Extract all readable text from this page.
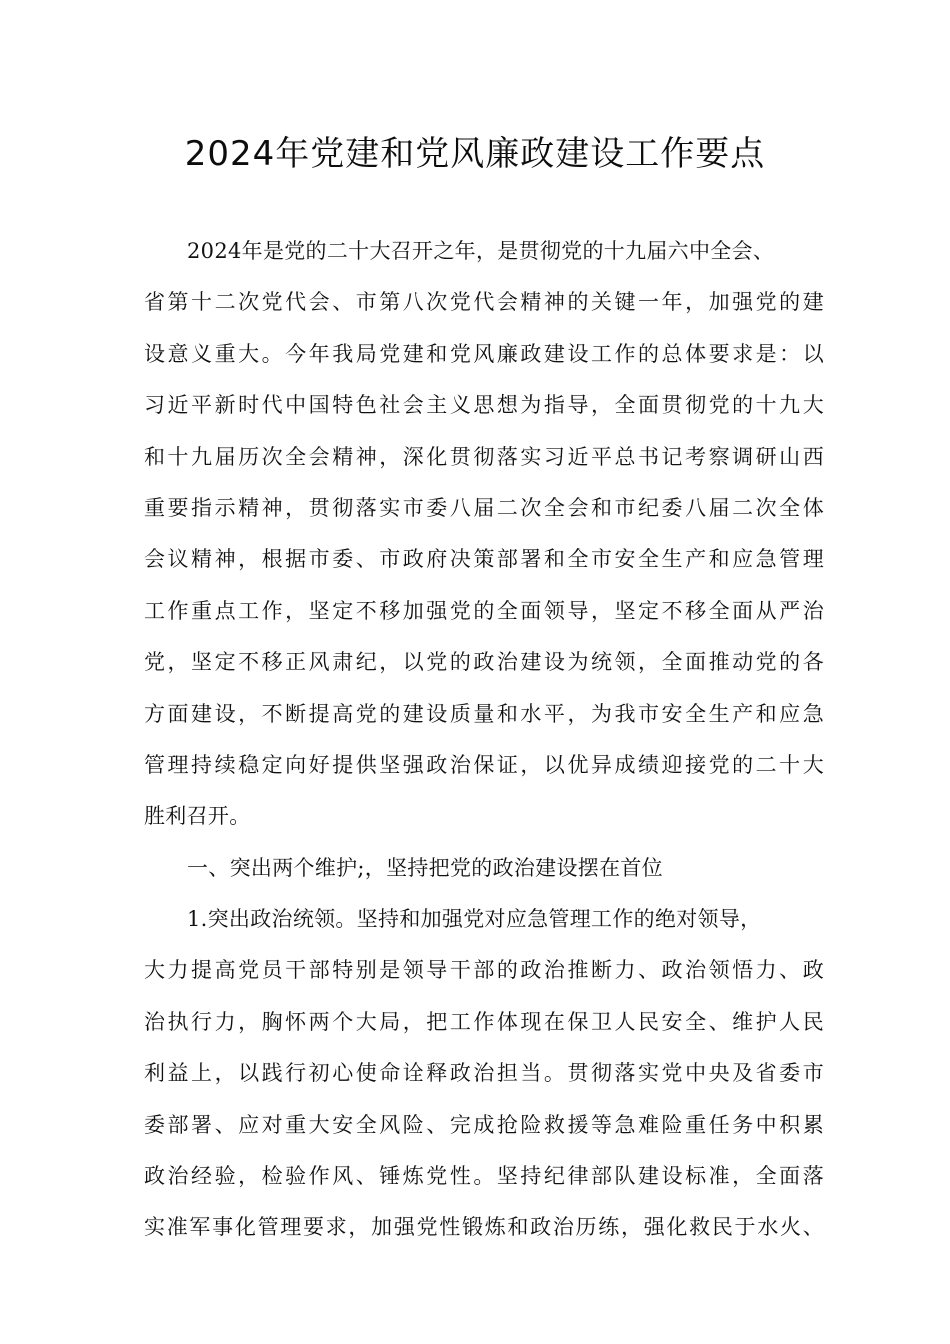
2024年党建和党风廉政建设工作要点
2024年是党的二十大召开之年，是贯彻党的十九届六中全会、
省第十二次党代会、市第八次党代会精神的关键一年，加强党的建
设意义重大。今年我局党建和党风廉政建设工作的总体要求是：以
习近平新时代中国特色社会主义思想为指导，全面贯彻党的十九大
和十九届历次全会精神，深化贯彻落实习近平总书记考察调研山西
重要指示精神，贯彻落实市委八届二次全会和市纪委八届二次全体
会议精神，根据市委、市政府决策部署和全市安全生产和应急管理
工作重点工作，坚定不移加强党的全面领导，坚定不移全面从严治
党，坚定不移正风肃纪，以党的政治建设为统领，全面推动党的各
方面建设，不断提高党的建设质量和水平，为我市安全生产和应急
管理持续稳定向好提供坚强政治保证，以优异成绩迎接党的二十大
胜利召开。
一、突出两个维护;，坚持把党的政治建设摆在首位
1.突出政治统领。坚持和加强党对应急管理工作的绝对领导，
大力提高党员干部特别是领导干部的政治推断力、政治领悟力、政
治执行力，胸怀两个大局，把工作体现在保卫人民安全、维护人民
利益上，以践行初心使命诠释政治担当。贯彻落实党中央及省委市
委部署、应对重大安全风险、完成抢险救援等急难险重任务中积累
政治经验，检验作风、锤炼党性。坚持纪律部队建设标准，全面落
实准军事化管理要求，加强党性锻炼和政治历练，强化救民于水火、
